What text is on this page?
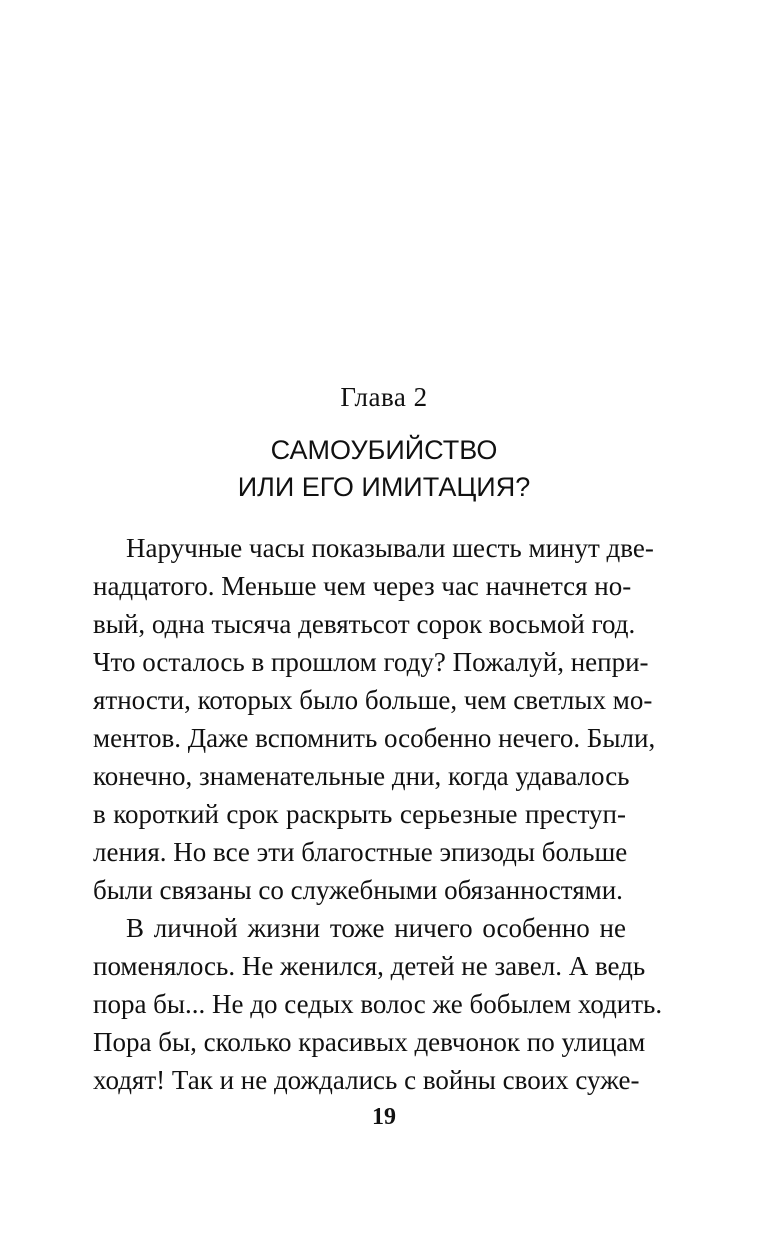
Глава 2
САМОУБИЙСТВО
ИЛИ ЕГО ИМИТАЦИЯ?
Наручные часы показывали шесть минут две-
надцатого. Меньше чем через час начнется но-
вый, одна тысяча девятьсот сорок восьмой год.
Что осталось в прошлом году? Пожалуй, непри-
ятности, которых было больше, чем светлых мо-
ментов. Даже вспомнить особенно нечего. Были,
конечно, знаменательные дни, когда удавалось
в короткий срок раскрыть серьезные преступ-
ления. Но все эти благостные эпизоды больше
были связаны со служебными обязанностями.
В личной жизни тоже ничего особенно не
поменялось. Не женился, детей не завел. А ведь
пора бы... Не до седых волос же бобылем ходить.
Пора бы, сколько красивых девчонок по улицам
ходят! Так и не дождались с войны своих суже-
19
